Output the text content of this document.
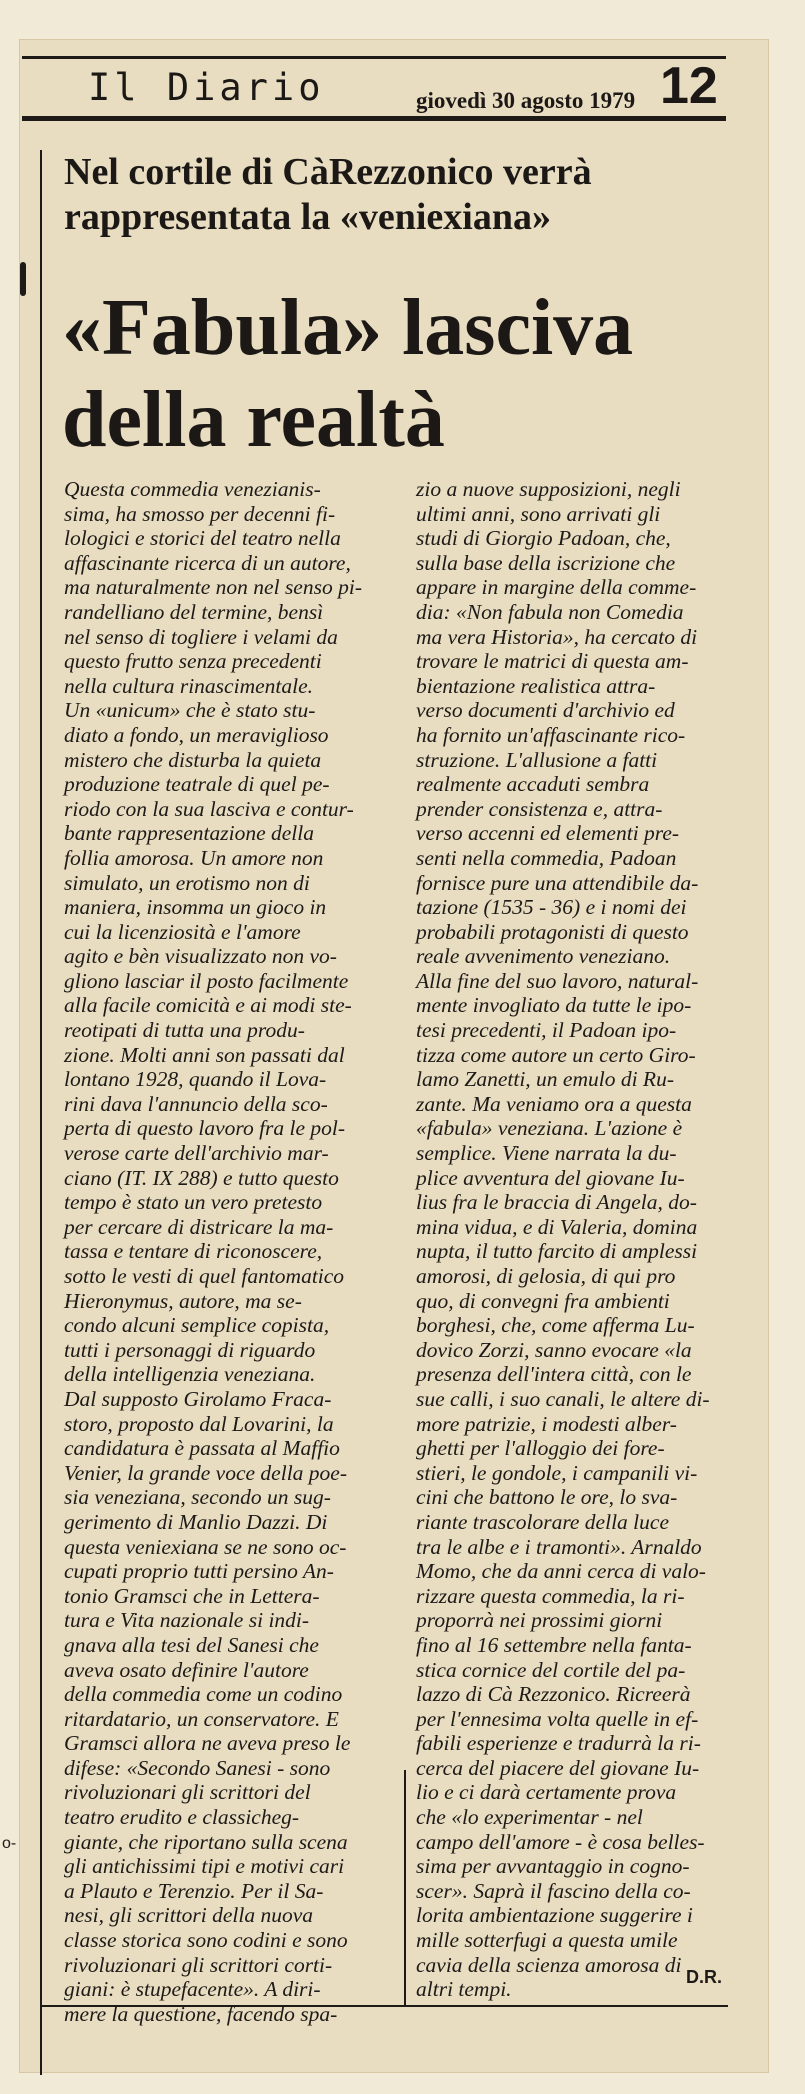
Il Diario	giovedì 30 agosto 1979 12
Nel cortile di CàRezzonico verrà rappresentata la «veniexiana»
«Fabula» lasciva della realtà
Questa commedia venezianis-
sima, ha smosso per decenni fi-
lologici e storici del teatro nella
affascinante ricerca di un autore,
ma naturalmente non nel senso pi-
randelliano del termine, bensì
nel senso di togliere i velami da
questo frutto senza precedenti
nella cultura rinascimentale.
Un «unicum» che è stato stu-
diato a fondo, un meraviglioso
mistero che disturba la quieta
produzione teatrale di quel pe-
riodo con la sua lasciva e contur-
bante rappresentazione della
follia amorosa. Un amore non
simulato, un erotismo non di
maniera, insomma un gioco in
cui la licenziosità e l'amore
agito e bèn visualizzato non vo-
gliono lasciar il posto facilmente
alla facile comicità e ai modi ste-
reotipati di tutta una produ-
zione. Molti anni son passati dal
lontano 1928, quando il Lova-
rini dava l'annuncio della sco-
perta di questo lavoro fra le pol-
verose carte dell'archivio mar-
ciano (IT. IX 288) e tutto questo
tempo è stato un vero pretesto
per cercare di districare la ma-
tassa e tentare di riconoscere,
sotto le vesti di quel fantomatico
Hieronymus, autore, ma se-
condo alcuni semplice copista,
tutti i personaggi di riguardo
della intelligenzia veneziana.
Dal supposto Girolamo Fraca-
storo, proposto dal Lovarini, la
candidatura è passata al Maffio
Venier, la grande voce della poe-
sia veneziana, secondo un sug-
gerimento di Manlio Dazzi. Di
questa veniexiana se ne sono oc-
cupati proprio tutti persino An-
tonio Gramsci che in Lettera-
tura e Vita nazionale si indi-
gnava alla tesi del Sanesi che
aveva osato definire l'autore
della commedia come un codino
ritardatario, un conservatore. E
Gramsci allora ne aveva preso le
difese: «Secondo Sanesi - sono
rivoluzionari gli scrittori del
teatro erudito e classicheg-
giante, che riportano sulla scena
gli antichissimi tipi e motivi cari
a Plauto e Terenzio. Per il Sa-
nesi, gli scrittori della nuova
classe storica sono codini e sono
rivoluzionari gli scrittori corti-
giani: è stupefacente». A diri-
mere la questione, facendo spa-
zio a nuove supposizioni, negli
ultimi anni, sono arrivati gli
studi di Giorgio Padoan, che,
sulla base della iscrizione che
appare in margine della comme-
dia: «Non fabula non Comedia
ma vera Historia», ha cercato di
trovare le matrici di questa am-
bientazione realistica attra-
verso documenti d'archivio ed
ha fornito un'affascinante rico-
struzione. L'allusione a fatti
realmente accaduti sembra
prender consistenza e, attra-
verso accenni ed elementi pre-
senti nella commedia, Padoan
fornisce pure una attendibile da-
tazione (1535 - 36) e i nomi dei
probabili protagonisti di questo
reale avvenimento veneziano.
Alla fine del suo lavoro, natural-
mente invogliato da tutte le ipo-
tesi precedenti, il Padoan ipo-
tizza come autore un certo Giro-
lamo Zanetti, un emulo di Ru-
zante. Ma veniamo ora a questa
«fabula» veneziana. L'azione è
semplice. Viene narrata la du-
plice avventura del giovane Iu-
lius fra le braccia di Angela, do-
mina vidua, e di Valeria, domina
nupta, il tutto farcito di amplessi
amorosi, di gelosia, di qui pro
quo, di convegni fra ambienti
borghesi, che, come afferma Lu-
dovico Zorzi, sanno evocare «la
presenza dell'intera città, con le
sue calli, i suo canali, le altere di-
more patrizie, i modesti alber-
ghetti per l'alloggio dei fore-
stieri, le gondole, i campanili vi-
cini che battono le ore, lo sva-
riante trascolorare della luce
tra le albe e i tramonti». Arnaldo
Momo, che da anni cerca di valo-
rizzare questa commedia, la ri-
proporrà nei prossimi giorni
fino al 16 settembre nella fanta-
stica cornice del cortile del pa-
lazzo di Cà Rezzonico. Ricreerà
per l'ennesima volta quelle in ef-
fabili esperienze e tradurrà la ri-
cerca del piacere del giovane Iu-
lio e ci darà certamente prova
che «lo experimentar - nel
campo dell'amore - è cosa belles-
sima per avvantaggio in cogno-
scer». Saprà il fascino della co-
lorita ambientazione suggerire i
mille sotterfugi a questa umile
cavia della scienza amorosa di
altri tempi.
D.R.
o-
